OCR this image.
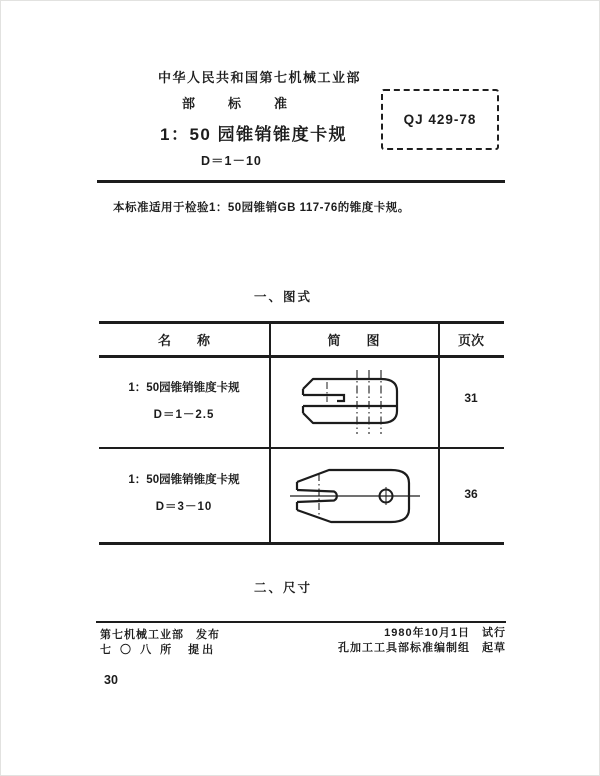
中华人民共和国第七机械工业部
部　标　准
1：50 园锥销锥度卡规
D＝1－10
QJ 429-78
本标准适用于检验1：50园锥销GB 117-76的锥度卡规。
一、图式
名　　称	简　　图	页次
1：50园锥销锥度卡规
D＝1－2.5
31
1：50园锥销锥度卡规
D＝3－10
36
二、尺寸
第七机械工业部　发布
七 〇 八 所　提出
1980年10月1日　试行
孔加工工具部标准编制组　起草
30
